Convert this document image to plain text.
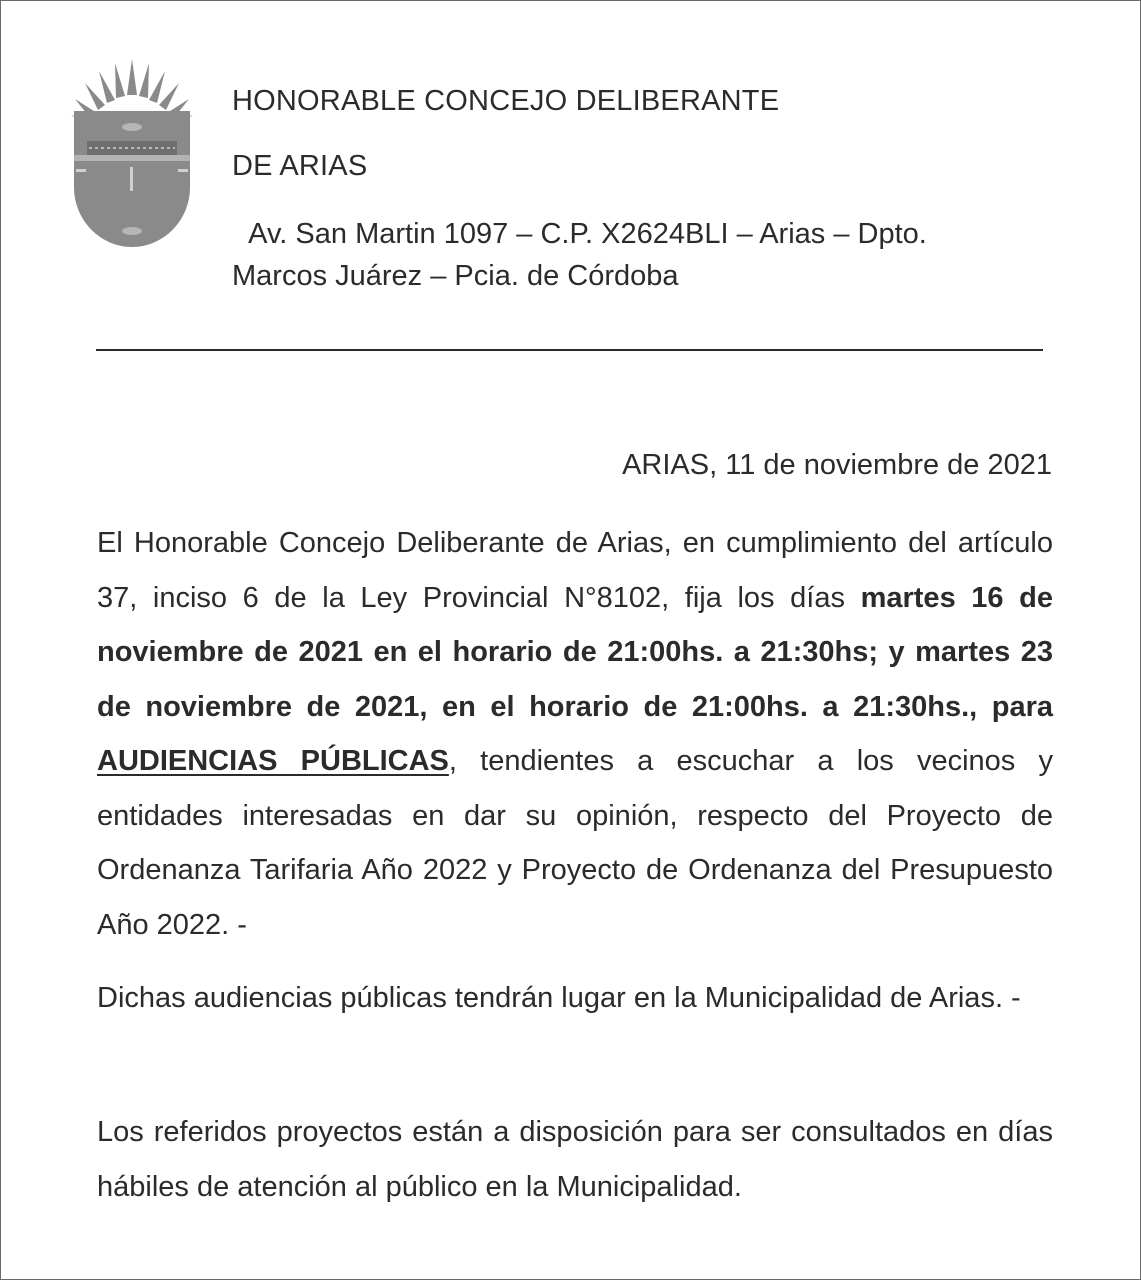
HONORABLE CONCEJO DELIBERANTE
DE ARIAS
Av. San Martin 1097 – C.P. X2624BLI – Arias – Dpto.
Marcos Juárez – Pcia. de Córdoba
ARIAS, 11 de noviembre de 2021

El Honorable Concejo Deliberante de Arias, en cumplimiento del artículo 37, inciso 6 de la Ley Provincial N°8102, fija los días martes 16 de noviembre de 2021 en el horario de 21:00hs. a 21:30hs; y martes 23 de noviembre de 2021, en el horario de 21:00hs. a 21:30hs., para AUDIENCIAS PÚBLICAS, tendientes a escuchar a los vecinos y entidades interesadas en dar su opinión, respecto del Proyecto de Ordenanza Tarifaria Año 2022 y Proyecto de Ordenanza del Presupuesto Año 2022. -

Dichas audiencias públicas tendrán lugar en la Municipalidad de Arias. -

Los referidos proyectos están a disposición para ser consultados en días hábiles de atención al público en la Municipalidad.
